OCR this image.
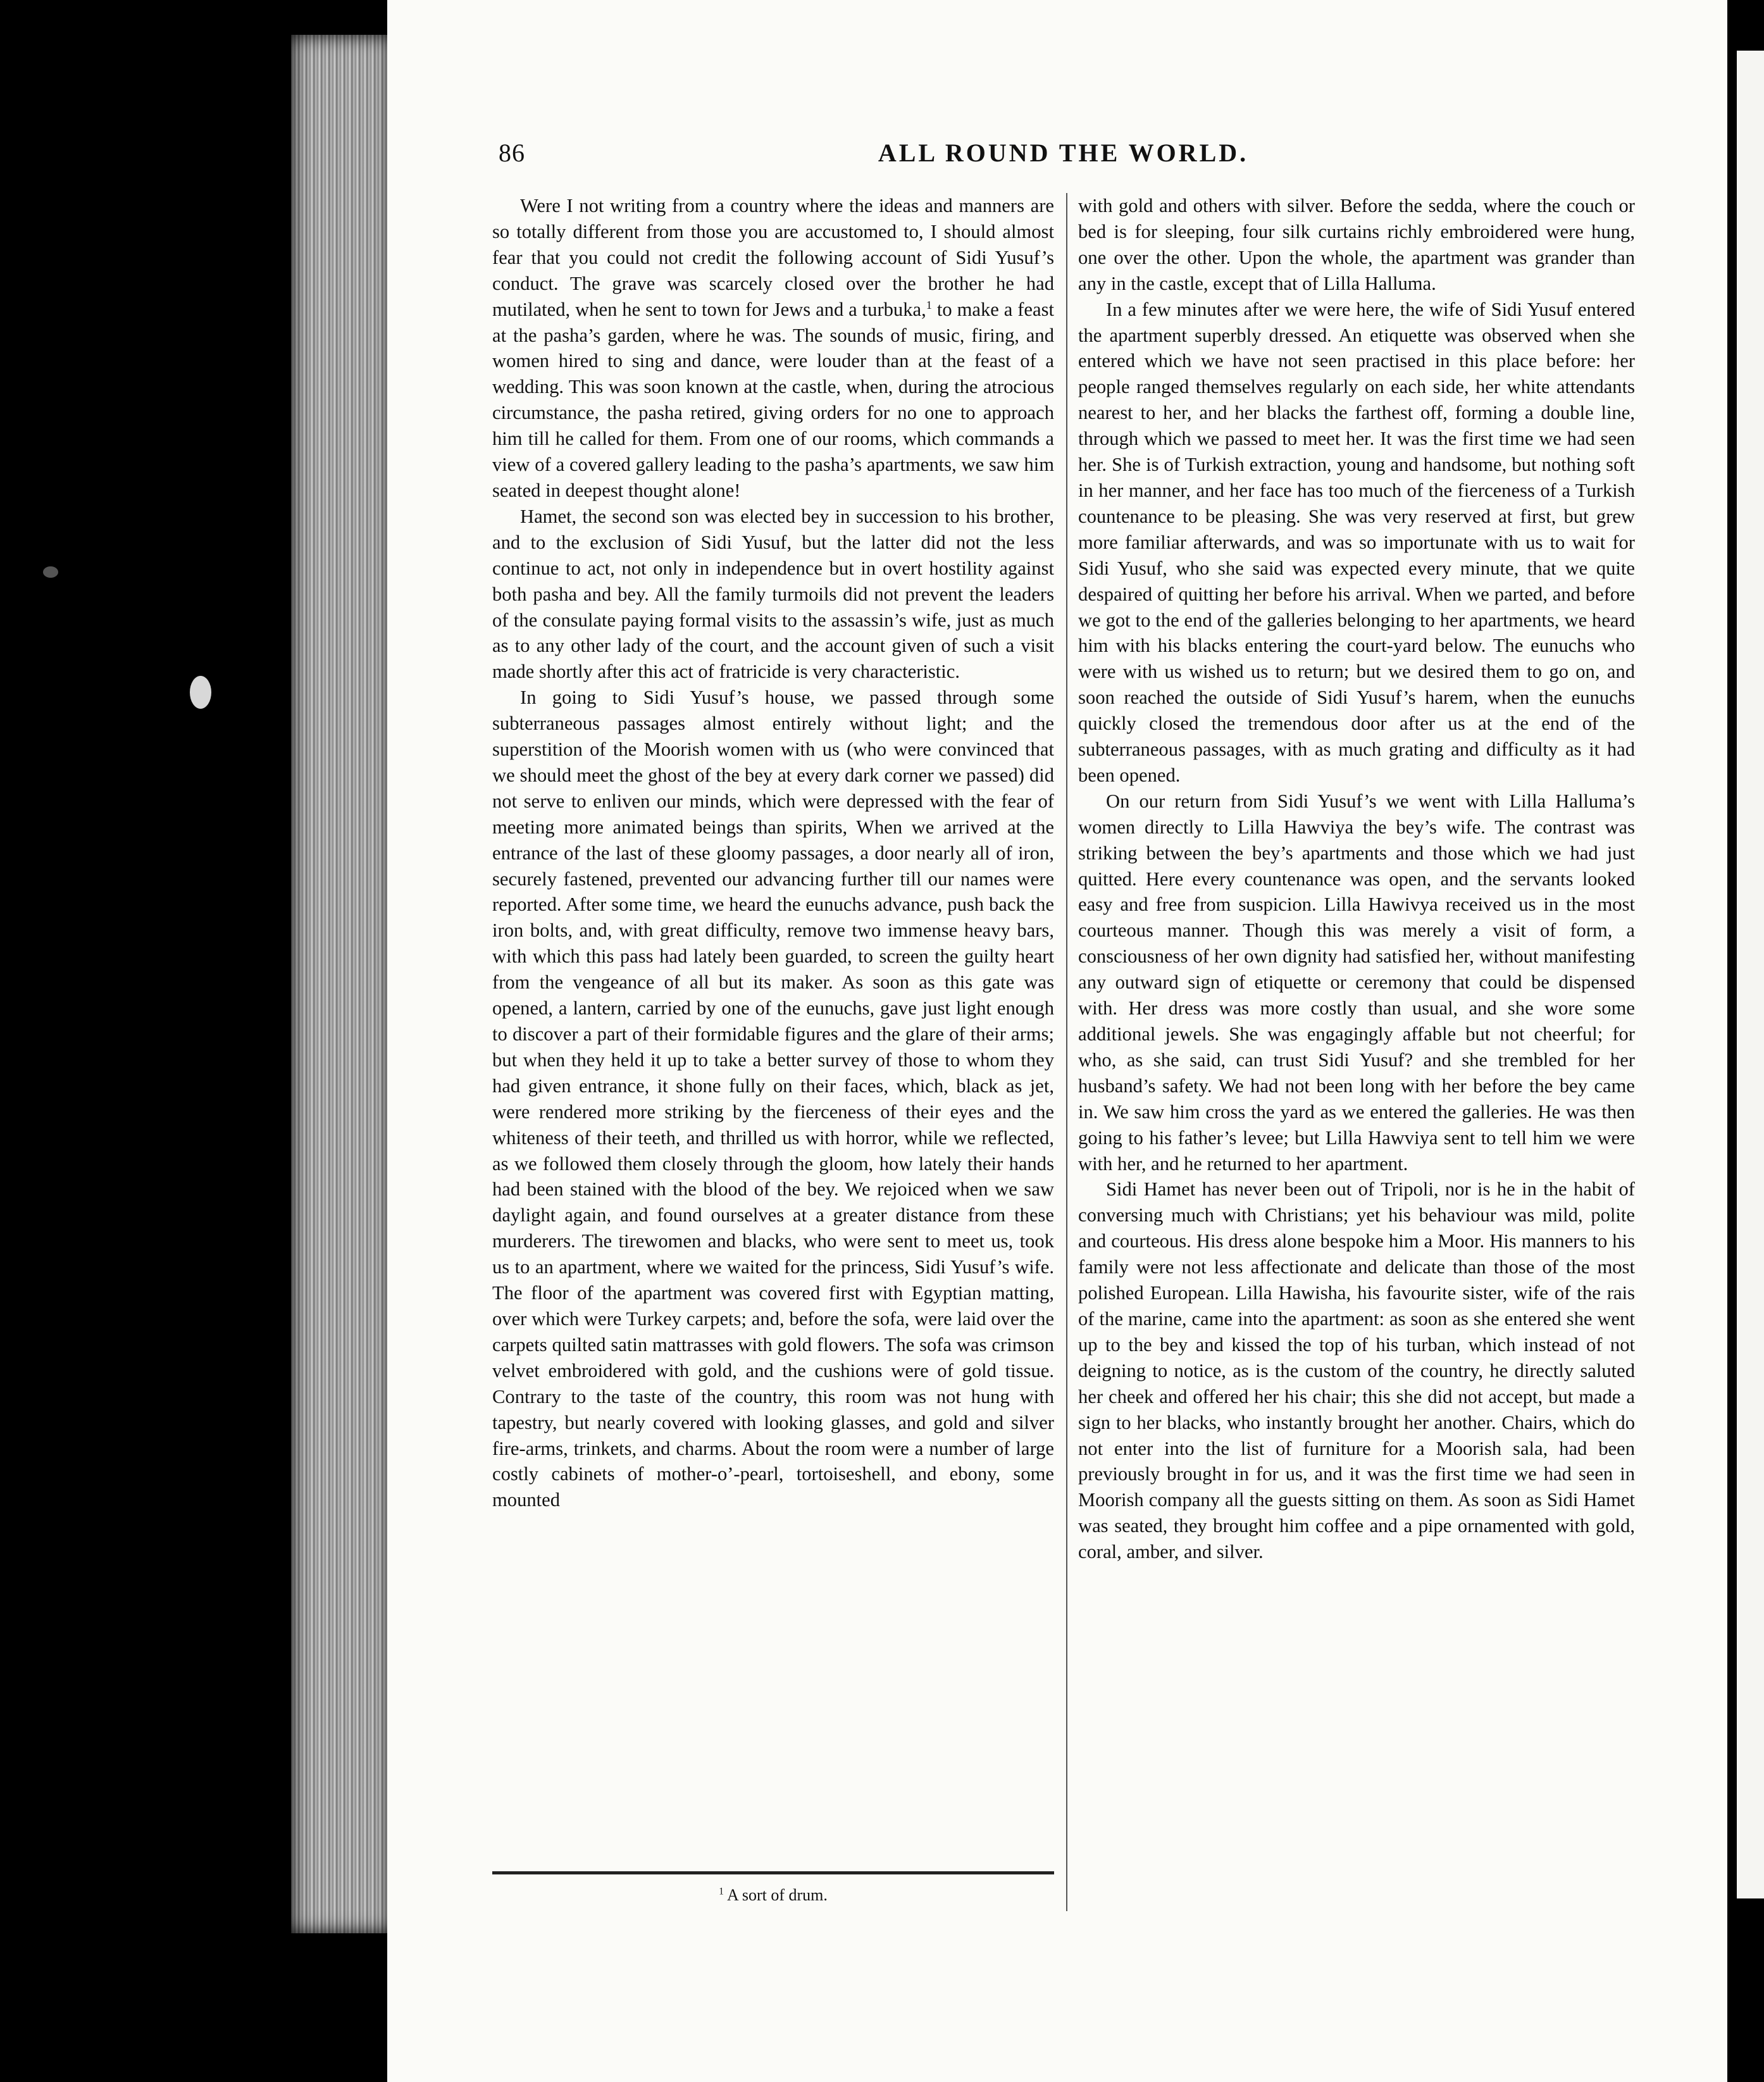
86	ALL ROUND THE WORLD.

Were I not writing from a country where the ideas and manners are so totally different from those you are accustomed to, I should almost fear that you could not credit the following account of Sidi Yusuf’s conduct. The grave was scarcely closed over the brother he had mutilated, when he sent to town for Jews and a turbuka,$^1$ to make a feast at the pasha’s garden, where he was. The sounds of music, firing, and women hired to sing and dance, were louder than at the feast of a wedding. This was soon known at the castle, when, during the atrocious circumstance, the pasha retired, giving orders for no one to approach him till he called for them. From one of our rooms, which commands a view of a covered gallery leading to the pasha’s apartments, we saw him seated in deepest thought alone!

Hamet, the second son was elected bey in succession to his brother, and to the exclusion of Sidi Yusuf, but the latter did not the less continue to act, not only in independence but in overt hostility against both pasha and bey. All the family turmoils did not prevent the leaders of the consulate paying formal visits to the assassin’s wife, just as much as to any other lady of the court, and the account given of such a visit made shortly after this act of fratricide is very characteristic.

In going to Sidi Yusuf’s house, we passed through some subterraneous passages almost entirely without light; and the superstition of the Moorish women with us (who were convinced that we should meet the ghost of the bey at every dark corner we passed) did not serve to enliven our minds, which were depressed with the fear of meeting more animated beings than spirits, When we arrived at the entrance of the last of these gloomy passages, a door nearly all of iron, securely fastened, prevented our advancing further till our names were reported. After some time, we heard the eunuchs advance, push back the iron bolts, and, with great difficulty, remove two immense heavy bars, with which this pass had lately been guarded, to screen the guilty heart from the vengeance of all but its maker. As soon as this gate was opened, a lantern, carried by one of the eunuchs, gave just light enough to discover a part of their formidable figures and the glare of their arms; but when they held it up to take a better survey of those to whom they had given entrance, it shone fully on their faces, which, black as jet, were rendered more striking by the fierceness of their eyes and the whiteness of their teeth, and thrilled us with horror, while we reflected, as we followed them closely through the gloom, how lately their hands had been stained with the blood of the bey. We rejoiced when we saw daylight again, and found ourselves at a greater distance from these murderers. The tirewomen and blacks, who were sent to meet us, took us to an apartment, where we waited for the princess, Sidi Yusuf’s wife. The floor of the apartment was covered first with Egyptian matting, over which were Turkey carpets; and, before the sofa, were laid over the carpets quilted satin mattrasses with gold flowers. The sofa was crimson velvet embroidered with gold, and the cushions were of gold tissue. Contrary to the taste of the country, this room was not hung with tapestry, but nearly covered with looking glasses, and gold and silver fire-arms, trinkets, and charms. About the room were a number of large costly cabinets of mother-o’-pearl, tortoiseshell, and ebony, some mounted

with gold and others with silver. Before the sedda, where the couch or bed is for sleeping, four silk curtains richly embroidered were hung, one over the other. Upon the whole, the apartment was grander than any in the castle, except that of Lilla Halluma.

In a few minutes after we were here, the wife of Sidi Yusuf entered the apartment superbly dressed. An etiquette was observed when she entered which we have not seen practised in this place before: her people ranged themselves regularly on each side, her white attendants nearest to her, and her blacks the farthest off, forming a double line, through which we passed to meet her. It was the first time we had seen her. She is of Turkish extraction, young and handsome, but nothing soft in her manner, and her face has too much of the fierceness of a Turkish countenance to be pleasing. She was very reserved at first, but grew more familiar afterwards, and was so importunate with us to wait for Sidi Yusuf, who she said was expected every minute, that we quite despaired of quitting her before his arrival. When we parted, and before we got to the end of the galleries belonging to her apartments, we heard him with his blacks entering the court-yard below. The eunuchs who were with us wished us to return; but we desired them to go on, and soon reached the outside of Sidi Yusuf’s harem, when the eunuchs quickly closed the tremendous door after us at the end of the subterraneous passages, with as much grating and difficulty as it had been opened.

On our return from Sidi Yusuf’s we went with Lilla Halluma’s women directly to Lilla Hawviya the bey’s wife. The contrast was striking between the bey’s apartments and those which we had just quitted. Here every countenance was open, and the servants looked easy and free from suspicion. Lilla Hawivya received us in the most courteous manner. Though this was merely a visit of form, a consciousness of her own dignity had satisfied her, without manifesting any outward sign of etiquette or ceremony that could be dispensed with. Her dress was more costly than usual, and she wore some additional jewels. She was engagingly affable but not cheerful; for who, as she said, can trust Sidi Yusuf? and she trembled for her husband’s safety. We had not been long with her before the bey came in. We saw him cross the yard as we entered the galleries. He was then going to his father’s levee; but Lilla Hawviya sent to tell him we were with her, and he returned to her apartment.

Sidi Hamet has never been out of Tripoli, nor is he in the habit of conversing much with Christians; yet his behaviour was mild, polite and courteous. His dress alone bespoke him a Moor. His manners to his family were not less affectionate and delicate than those of the most polished European. Lilla Hawisha, his favourite sister, wife of the rais of the marine, came into the apartment: as soon as she entered she went up to the bey and kissed the top of his turban, which instead of not deigning to notice, as is the custom of the country, he directly saluted her cheek and offered her his chair; this she did not accept, but made a sign to her blacks, who instantly brought her another. Chairs, which do not enter into the list of furniture for a Moorish sala, had been previously brought in for us, and it was the first time we had seen in Moorish company all the guests sitting on them. As soon as Sidi Hamet was seated, they brought him coffee and a pipe ornamented with gold, coral, amber, and silver.

$^1$ A sort of drum.
